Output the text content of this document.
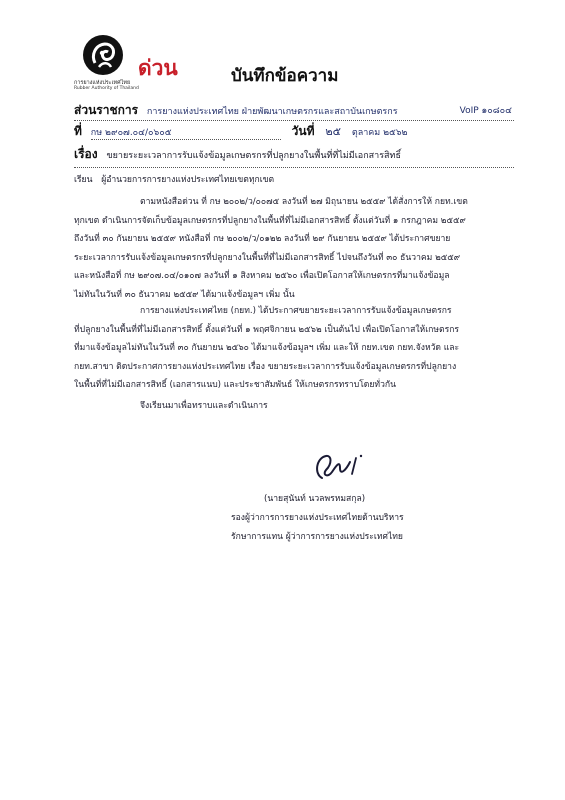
การยางแห่งประเทศไทย
Rubber Authority of Thailand
ด่วน	บันทึกข้อความ
ส่วนราชการ การยางแห่งประเทศไทย ฝ่ายพัฒนาเกษตรกรและสถาบันเกษตรกร	VoIP ๑๐๘๐๔
ที่ กษ ๒๙๐๗.๐๔/๐๖๐๕	วันที่ ๒๕ ตุลาคม ๒๕๖๒
เรื่อง ขยายระยะเวลาการรับแจ้งข้อมูลเกษตรกรที่ปลูกยางในพื้นที่ที่ไม่มีเอกสารสิทธิ์
เรียน ผู้อำนวยการการยางแห่งประเทศไทยเขตทุกเขต
ตามหนังสือด่วน ที่ กษ ๒๐๐๒/ว/๐๐๗๕ ลงวันที่ ๒๗ มิถุนายน ๒๕๕๙ ได้สั่งการให้ กยท.เขต
ทุกเขต ดำเนินการจัดเก็บข้อมูลเกษตรกรที่ปลูกยางในพื้นที่ที่ไม่มีเอกสารสิทธิ์ ตั้งแต่วันที่ ๑ กรกฎาคม ๒๕๕๙
ถึงวันที่ ๓๐ กันยายน ๒๕๕๙ หนังสือที่ กษ ๒๐๐๒/ว/๐๑๒๒ ลงวันที่ ๒๙ กันยายน ๒๕๕๙ ได้ประกาศขยาย
ระยะเวลาการรับแจ้งข้อมูลเกษตรกรที่ปลูกยางในพื้นที่ที่ไม่มีเอกสารสิทธิ์ ไปจนถึงวันที่ ๓๐ ธันวาคม ๒๕๕๙
และหนังสือที่ กษ ๒๙๐๗.๐๔/๐๑๐๗ ลงวันที่ ๑ สิงหาคม ๒๕๖๐ เพื่อเปิดโอกาสให้เกษตรกรที่มาแจ้งข้อมูล
ไม่ทันในวันที่ ๓๐ ธันวาคม ๒๕๕๙ ได้มาแจ้งข้อมูลฯ เพิ่ม นั้น
การยางแห่งประเทศไทย (กยท.) ได้ประกาศขยายระยะเวลาการรับแจ้งข้อมูลเกษตรกร
ที่ปลูกยางในพื้นที่ที่ไม่มีเอกสารสิทธิ์ ตั้งแต่วันที่ ๑ พฤศจิกายน ๒๕๖๒ เป็นต้นไป เพื่อเปิดโอกาสให้เกษตรกร
ที่มาแจ้งข้อมูลไม่ทันในวันที่ ๓๐ กันยายน ๒๕๖๐ ได้มาแจ้งข้อมูลฯ เพิ่ม และให้ กยท.เขต กยท.จังหวัด และ
กยท.สาขา ติดประกาศการยางแห่งประเทศไทย เรื่อง ขยายระยะเวลาการรับแจ้งข้อมูลเกษตรกรที่ปลูกยาง
ในพื้นที่ที่ไม่มีเอกสารสิทธิ์ (เอกสารแนบ) และประชาสัมพันธ์ ให้เกษตรกรทราบโดยทั่วกัน
จึงเรียนมาเพื่อทราบและดำเนินการ
(นายสุนันท์ นวลพรหมสกุล)
รองผู้ว่าการการยางแห่งประเทศไทยด้านบริหาร
รักษาการแทน ผู้ว่าการการยางแห่งประเทศไทย
